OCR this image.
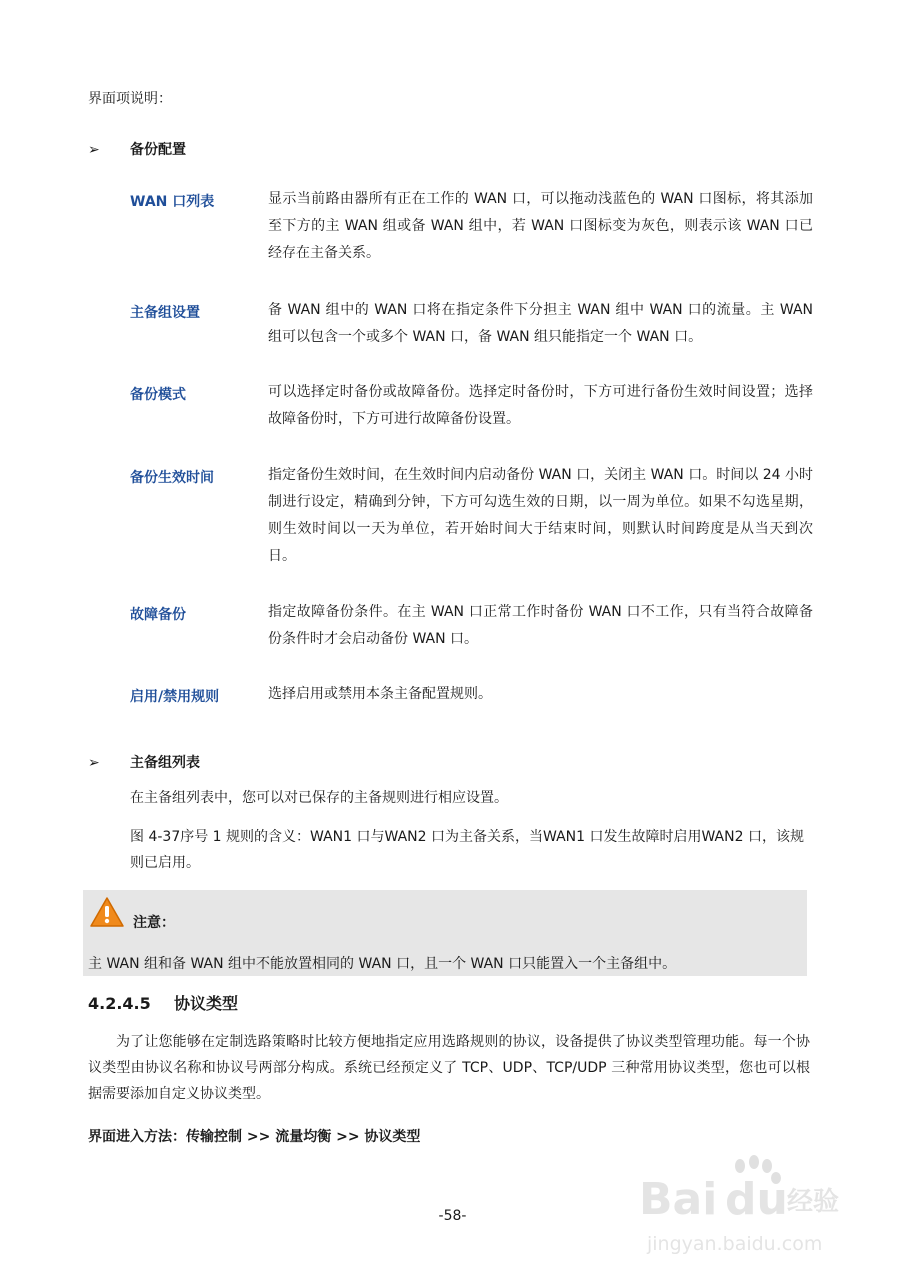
界面项说明：
➢ 备份配置
WAN 口列表	显示当前路由器所有正在工作的 WAN 口，可以拖动浅蓝色的 WAN 口图标，将其添加至下方的主 WAN 组或备 WAN 组中，若 WAN 口图标变为灰色，则表示该 WAN 口已经存在主备关系。
主备组设置	备 WAN 组中的 WAN 口将在指定条件下分担主 WAN 组中 WAN 口的流量。主 WAN 组可以包含一个或多个 WAN 口，备 WAN 组只能指定一个 WAN 口。
备份模式	可以选择定时备份或故障备份。选择定时备份时，下方可进行备份生效时间设置；选择故障备份时，下方可进行故障备份设置。
备份生效时间	指定备份生效时间，在生效时间内启动备份 WAN 口，关闭主 WAN 口。时间以 24 小时制进行设定，精确到分钟，下方可勾选生效的日期，以一周为单位。如果不勾选星期，则生效时间以一天为单位，若开始时间大于结束时间，则默认时间跨度是从当天到次日。
故障备份	指定故障备份条件。在主 WAN 口正常工作时备份 WAN 口不工作，只有当符合故障备份条件时才会启动备份 WAN 口。
启用/禁用规则	选择启用或禁用本条主备配置规则。
➢ 主备组列表
在主备组列表中，您可以对已保存的主备规则进行相应设置。
图 4-37序号 1 规则的含义：WAN1 口与WAN2 口为主备关系，当WAN1 口发生故障时启用WAN2 口，该规则已启用。
注意：
主 WAN 组和备 WAN 组中不能放置相同的 WAN 口，且一个 WAN 口只能置入一个主备组中。
4.2.4.5 协议类型
为了让您能够在定制选路策略时比较方便地指定应用选路规则的协议，设备提供了协议类型管理功能。每一个协议类型由协议名称和协议号两部分构成。系统已经预定义了 TCP、UDP、TCP/UDP 三种常用协议类型，您也可以根据需要添加自定义协议类型。
界面进入方法：传输控制 >> 流量均衡 >> 协议类型
-58-	Bai du 经验
jingyan.baidu.com
